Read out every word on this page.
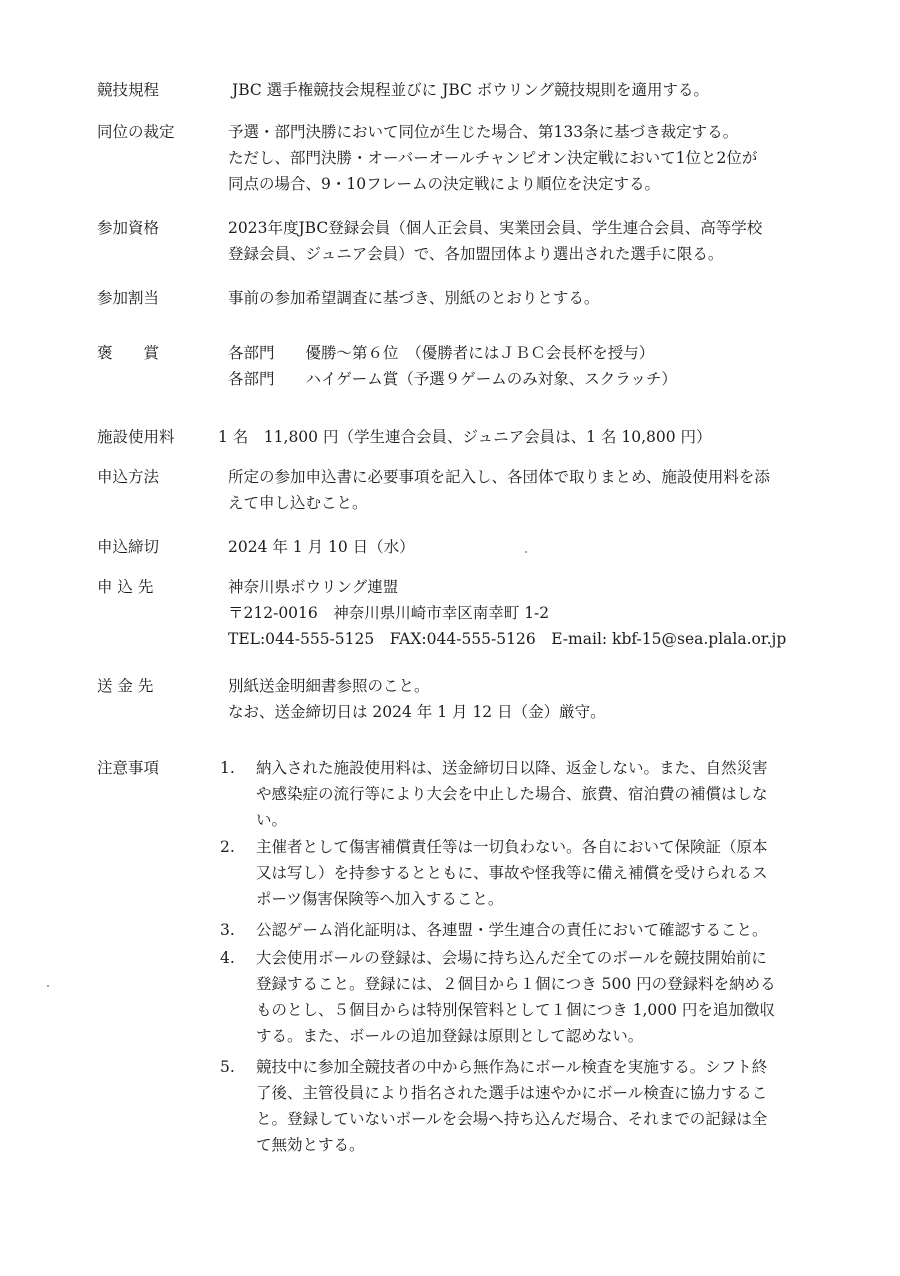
競技規程	JBC 選手権競技会規程並びに JBC ボウリング競技規則を適用する。
同位の裁定	予選・部門決勝において同位が生じた場合、第133条に基づき裁定する。
ただし、部門決勝・オーバーオールチャンピオン決定戦において1位と2位が
同点の場合、9・10フレームの決定戦により順位を決定する。
参加資格	2023年度JBC登録会員（個人正会員、実業団会員、学生連合会員、高等学校
登録会員、ジュニア会員）で、各加盟団体より選出された選手に限る。
参加割当	事前の参加希望調査に基づき、別紙のとおりとする。
褒　　賞	各部門　　優勝～第６位　（優勝者にはＪＢＣ会長杯を授与）
各部門　　ハイゲーム賞（予選９ゲームのみ対象、スクラッチ）
施設使用料	1 名　11,800 円（学生連合会員、ジュニア会員は、1 名 10,800 円）
申込方法	所定の参加申込書に必要事項を記入し、各団体で取りまとめ、施設使用料を添
えて申し込むこと。
申込締切	2024 年 1 月 10 日（水）
申 込 先	神奈川県ボウリング連盟
〒212-0016　神奈川県川崎市幸区南幸町 1-2
TEL:044-555-5125　FAX:044-555-5126　E-mail: kbf-15@sea.plala.or.jp
送 金 先	別紙送金明細書参照のこと。
なお、送金締切日は 2024 年 1 月 12 日（金）厳守。
注意事項	1.	納入された施設使用料は、送金締切日以降、返金しない。また、自然災害
や感染症の流行等により大会を中止した場合、旅費、宿泊費の補償はしな
い。
2.	主催者として傷害補償責任等は一切負わない。各自において保険証（原本
又は写し）を持参するとともに、事故や怪我等に備え補償を受けられるス
ポーツ傷害保険等へ加入すること。
3.	公認ゲーム消化証明は、各連盟・学生連合の責任において確認すること。
4.	大会使用ボールの登録は、会場に持ち込んだ全てのボールを競技開始前に
登録すること。登録には、２個目から１個につき 500 円の登録料を納める
ものとし、５個目からは特別保管料として１個につき 1,000 円を追加徴収
する。また、ボールの追加登録は原則として認めない。
5.	競技中に参加全競技者の中から無作為にボール検査を実施する。シフト終
了後、主管役員により指名された選手は速やかにボール検査に協力するこ
と。登録していないボールを会場へ持ち込んだ場合、それまでの記録は全
て無効とする。
